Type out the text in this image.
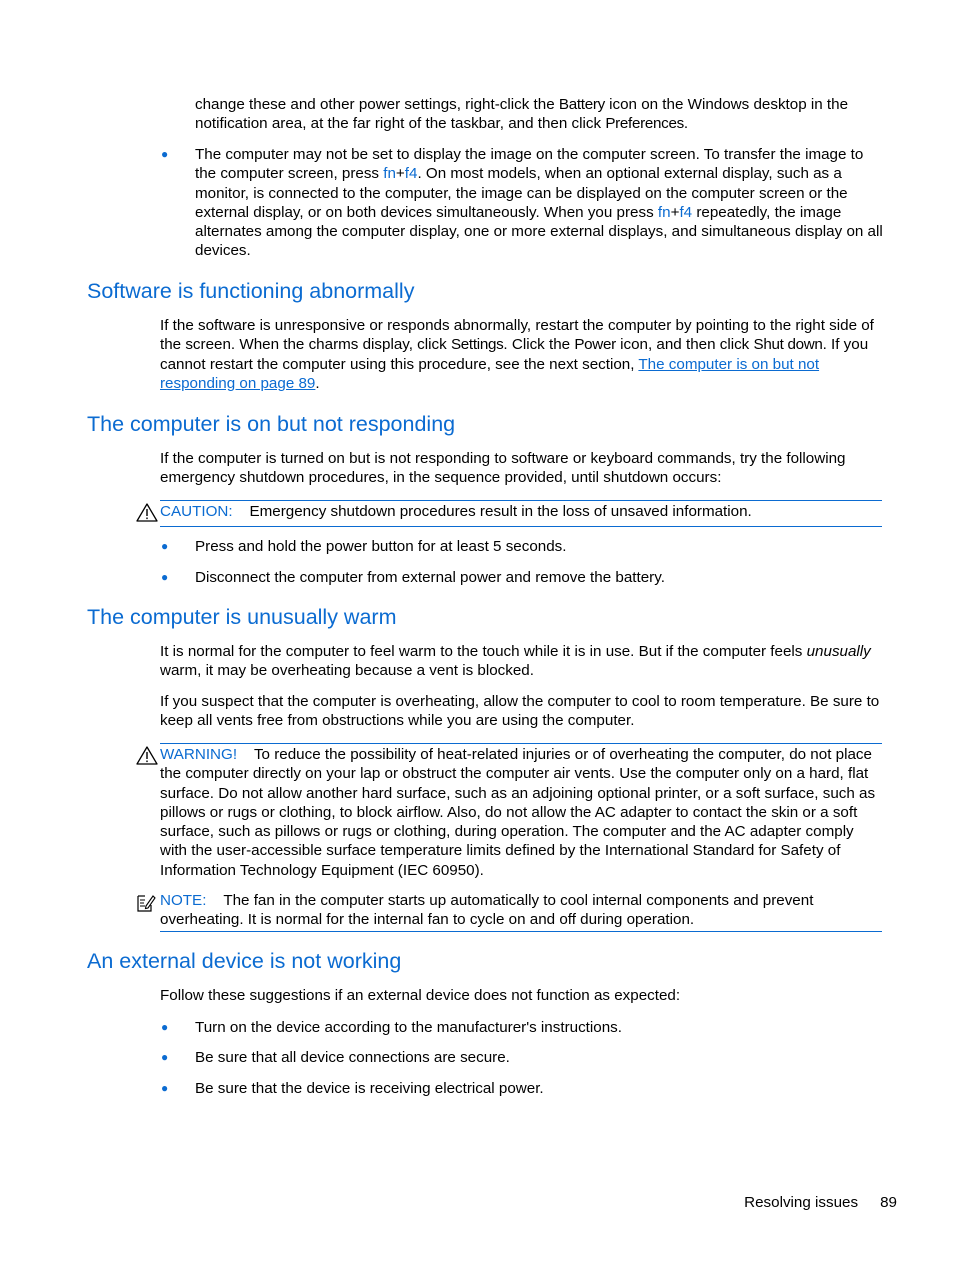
change these and other power settings, right-click the Battery icon on the Windows desktop in the notification area, at the far right of the taskbar, and then click Preferences.

● The computer may not be set to display the image on the computer screen. To transfer the image to the computer screen, press fn+f4. On most models, when an optional external display, such as a monitor, is connected to the computer, the image can be displayed on the computer screen or the external display, or on both devices simultaneously. When you press fn+f4 repeatedly, the image alternates among the computer display, one or more external displays, and simultaneous display on all devices.
Software is functioning abnormally

If the software is unresponsive or responds abnormally, restart the computer by pointing to the right side of the screen. When the charms display, click Settings. Click the Power icon, and then click Shut down. If you cannot restart the computer using this procedure, see the next section, The computer is on but not responding on page 89.

The computer is on but not responding

If the computer is turned on but is not responding to software or keyboard commands, try the following emergency shutdown procedures, in the sequence provided, until shutdown occurs:

CAUTION: Emergency shutdown procedures result in the loss of unsaved information.
● Press and hold the power button for at least 5 seconds.
● Disconnect the computer from external power and remove the battery.
The computer is unusually warm

It is normal for the computer to feel warm to the touch while it is in use. But if the computer feels unusually warm, it may be overheating because a vent is blocked.

If you suspect that the computer is overheating, allow the computer to cool to room temperature. Be sure to keep all vents free from obstructions while you are using the computer.

WARNING! To reduce the possibility of heat-related injuries or of overheating the computer, do not place the computer directly on your lap or obstruct the computer air vents. Use the computer only on a hard, flat surface. Do not allow another hard surface, such as an adjoining optional printer, or a soft surface, such as pillows or rugs or clothing, to block airflow. Also, do not allow the AC adapter to contact the skin or a soft surface, such as pillows or rugs or clothing, during operation. The computer and the AC adapter comply with the user-accessible surface temperature limits defined by the International Standard for Safety of Information Technology Equipment (IEC 60950).
NOTE: The fan in the computer starts up automatically to cool internal components and prevent overheating. It is normal for the internal fan to cycle on and off during operation.
An external device is not working

Follow these suggestions if an external device does not function as expected:

● Turn on the device according to the manufacturer's instructions.
● Be sure that all device connections are secure.
● Be sure that the device is receiving electrical power.
Resolving issues 89
